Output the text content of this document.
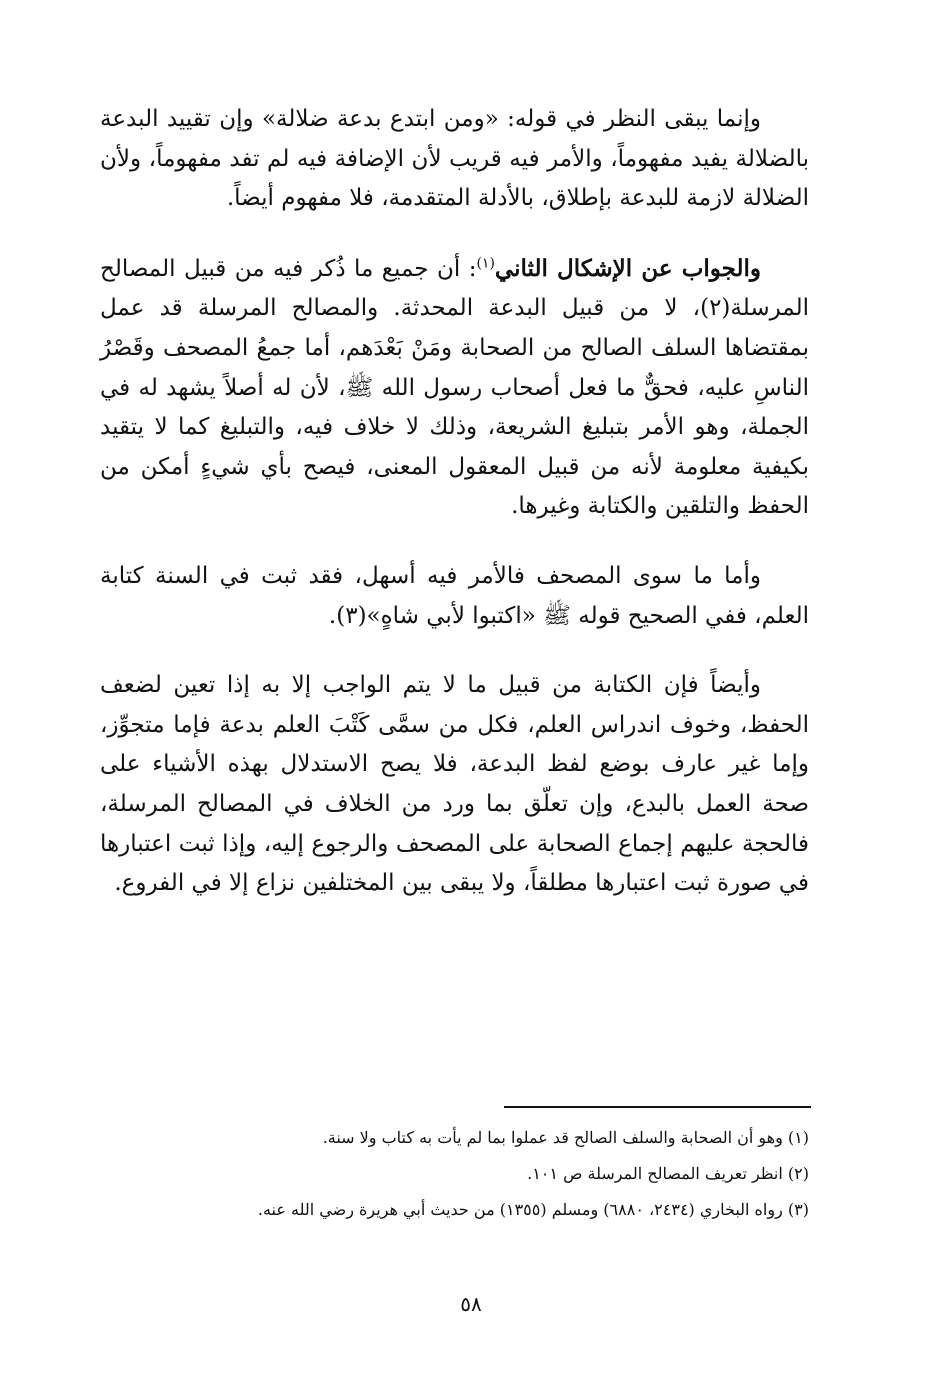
وإنما يبقى النظر في قوله: «ومن ابتدع بدعة ضلالة» وإن تقييد البدعة بالضلالة يفيد مفهوماً، والأمر فيه قريب لأن الإضافة فيه لم تفد مفهوماً، ولأن الضلالة لازمة للبدعة بإطلاق، بالأدلة المتقدمة، فلا مفهوم أيضاً.

والجواب عن الإشكال الثاني$^{(١)}$: أن جميع ما ذُكر فيه من قبيل المصالح المرسلة(٢)، لا من قبيل البدعة المحدثة. والمصالح المرسلة قد عمل بمقتضاها السلف الصالح من الصحابة ومَنْ بَعْدَهم، أما جمعُ المصحف وقَصْرُ الناسِ عليه، فحقٌّ ما فعل أصحاب رسول الله ﷺ، لأن له أصلاً يشهد له في الجملة، وهو الأمر بتبليغ الشريعة، وذلك لا خلاف فيه، والتبليغ كما لا يتقيد بكيفية معلومة لأنه من قبيل المعقول المعنى، فيصح بأي شيءٍ أمكن من الحفظ والتلقين والكتابة وغيرها.

وأما ما سوى المصحف فالأمر فيه أسهل، فقد ثبت في السنة كتابة العلم، ففي الصحيح قوله ﷺ «اكتبوا لأبي شاهٍ»(٣).

وأيضاً فإن الكتابة من قبيل ما لا يتم الواجب إلا به إذا تعين لضعف الحفظ، وخوف اندراس العلم، فكل من سمَّى كَتْبَ العلم بدعة فإما متجوِّز، وإما غير عارف بوضع لفظ البدعة، فلا يصح الاستدلال بهذه الأشياء على صحة العمل بالبدع، وإن تعلّق بما ورد من الخلاف في المصالح المرسلة، فالحجة عليهم إجماع الصحابة على المصحف والرجوع إليه، وإذا ثبت اعتبارها في صورة ثبت اعتبارها مطلقاً، ولا يبقى بين المختلفين نزاع إلا في الفروع.

(١) وهو أن الصحابة والسلف الصالح قد عملوا بما لم يأت به كتاب ولا سنة.

(٢) انظر تعريف المصالح المرسلة ص ١٠١.

(٣) رواه البخاري (٢٤٣٤، ٦٨٨٠) ومسلم (١٣٥٥) من حديث أبي هريرة رضي الله عنه.

٥٨
